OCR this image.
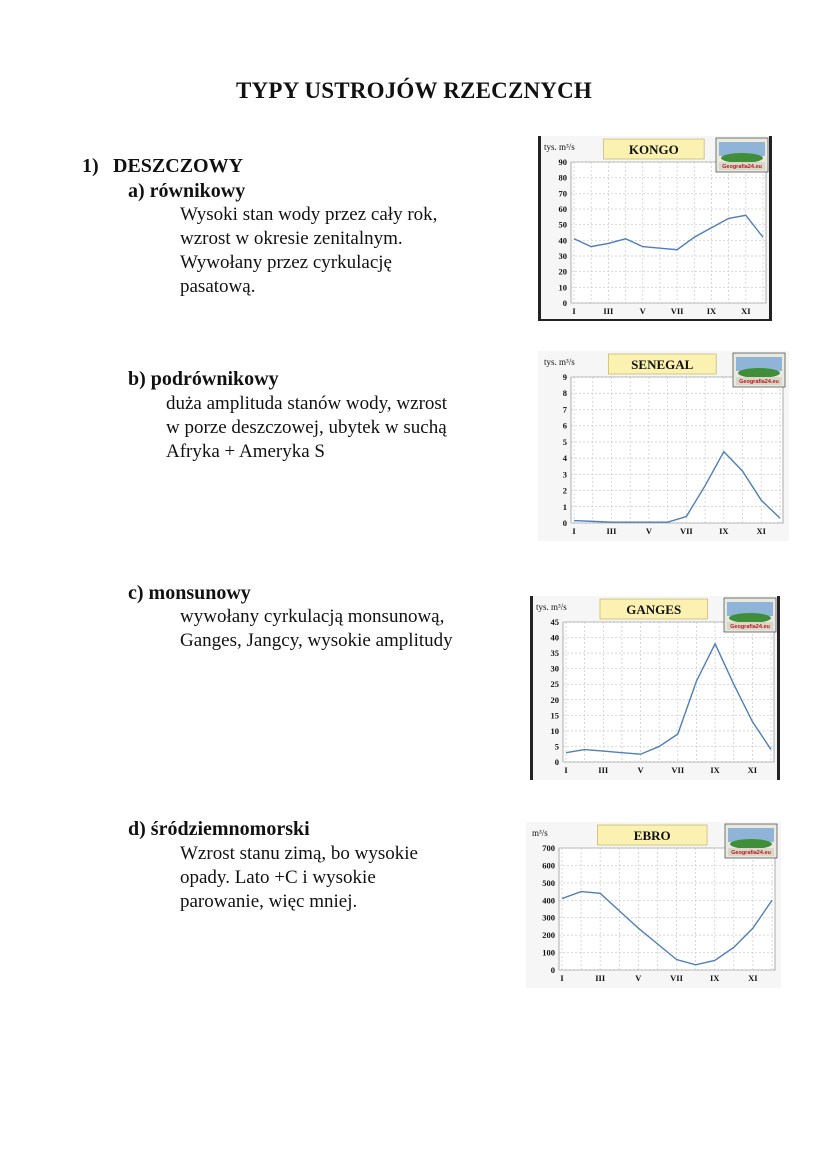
TYPY USTROJÓW RZECZNYCH
1) DESZCZOWY
a) równikowy
Wysoki stan wody przez cały rok,
wzrost w okresie zenitalnym.
Wywołany przez cyrkulację
pasatową.
b) podrównikowy
duża amplituda stanów wody, wzrost
w porze deszczowej, ubytek w suchą
Afryka + Ameryka S
c) monsunowy
wywołany cyrkulacją monsunową,
Ganges, Jangcy, wysokie amplitudy
d) śródziemnomorski
Wzrost stanu zimą, bo wysokie
opady. Lato +C i wysokie
parowanie, więc mniej.
0
10
20
30
40
50
60
70
80
90
I	III	V	VII	IX	XI
tys. m³/s	KONGO
Geografia24.eu
0
1
2
3
4
5
6
7
8
9
I	III	V	VII	IX	XI
tys. m³/s	SENEGAL
Geografia24.eu
0
5
10
15
20
25
30
35
40
45
I	III	V	VII	IX	XI
tys. m³/s	GANGES
Geografia24.eu
0
100
200
300
400
500
600
700
I	III	V	VII	IX	XI
m³/s	EBRO
Geografia24.eu
